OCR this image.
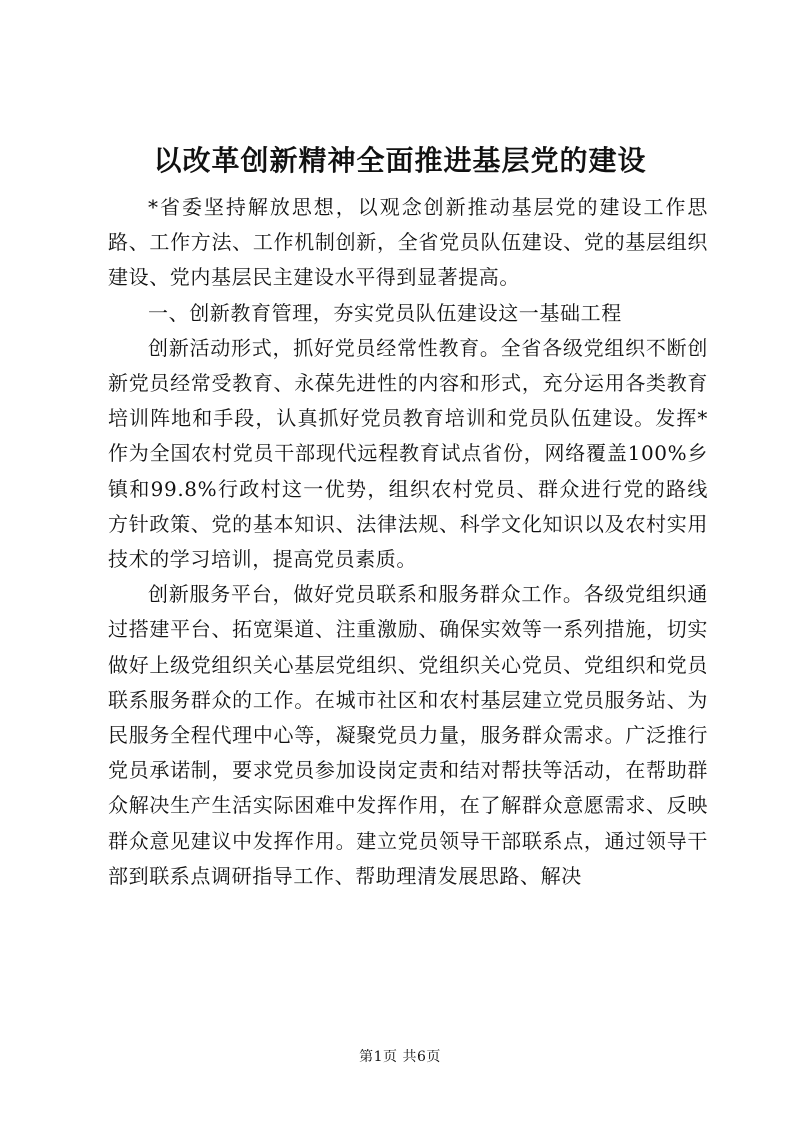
以改革创新精神全面推进基层党的建设

*省委坚持解放思想，以观念创新推动基层党的建设工作思路、工作方法、工作机制创新，全省党员队伍建设、党的基层组织建设、党内基层民主建设水平得到显著提高。

一、创新教育管理，夯实党员队伍建设这一基础工程

创新活动形式，抓好党员经常性教育。全省各级党组织不断创新党员经常受教育、永葆先进性的内容和形式，充分运用各类教育培训阵地和手段，认真抓好党员教育培训和党员队伍建设。发挥*作为全国农村党员干部现代远程教育试点省份，网络覆盖100%乡镇和99.8%行政村这一优势，组织农村党员、群众进行党的路线方针政策、党的基本知识、法律法规、科学文化知识以及农村实用技术的学习培训，提高党员素质。

创新服务平台，做好党员联系和服务群众工作。各级党组织通过搭建平台、拓宽渠道、注重激励、确保实效等一系列措施，切实做好上级党组织关心基层党组织、党组织关心党员、党组织和党员联系服务群众的工作。在城市社区和农村基层建立党员服务站、为民服务全程代理中心等，凝聚党员力量，服务群众需求。广泛推行党员承诺制，要求党员参加设岗定责和结对帮扶等活动，在帮助群众解决生产生活实际困难中发挥作用，在了解群众意愿需求、反映群众意见建议中发挥作用。建立党员领导干部联系点，通过领导干部到联系点调研指导工作、帮助理清发展思路、解决

第1页 共6页
